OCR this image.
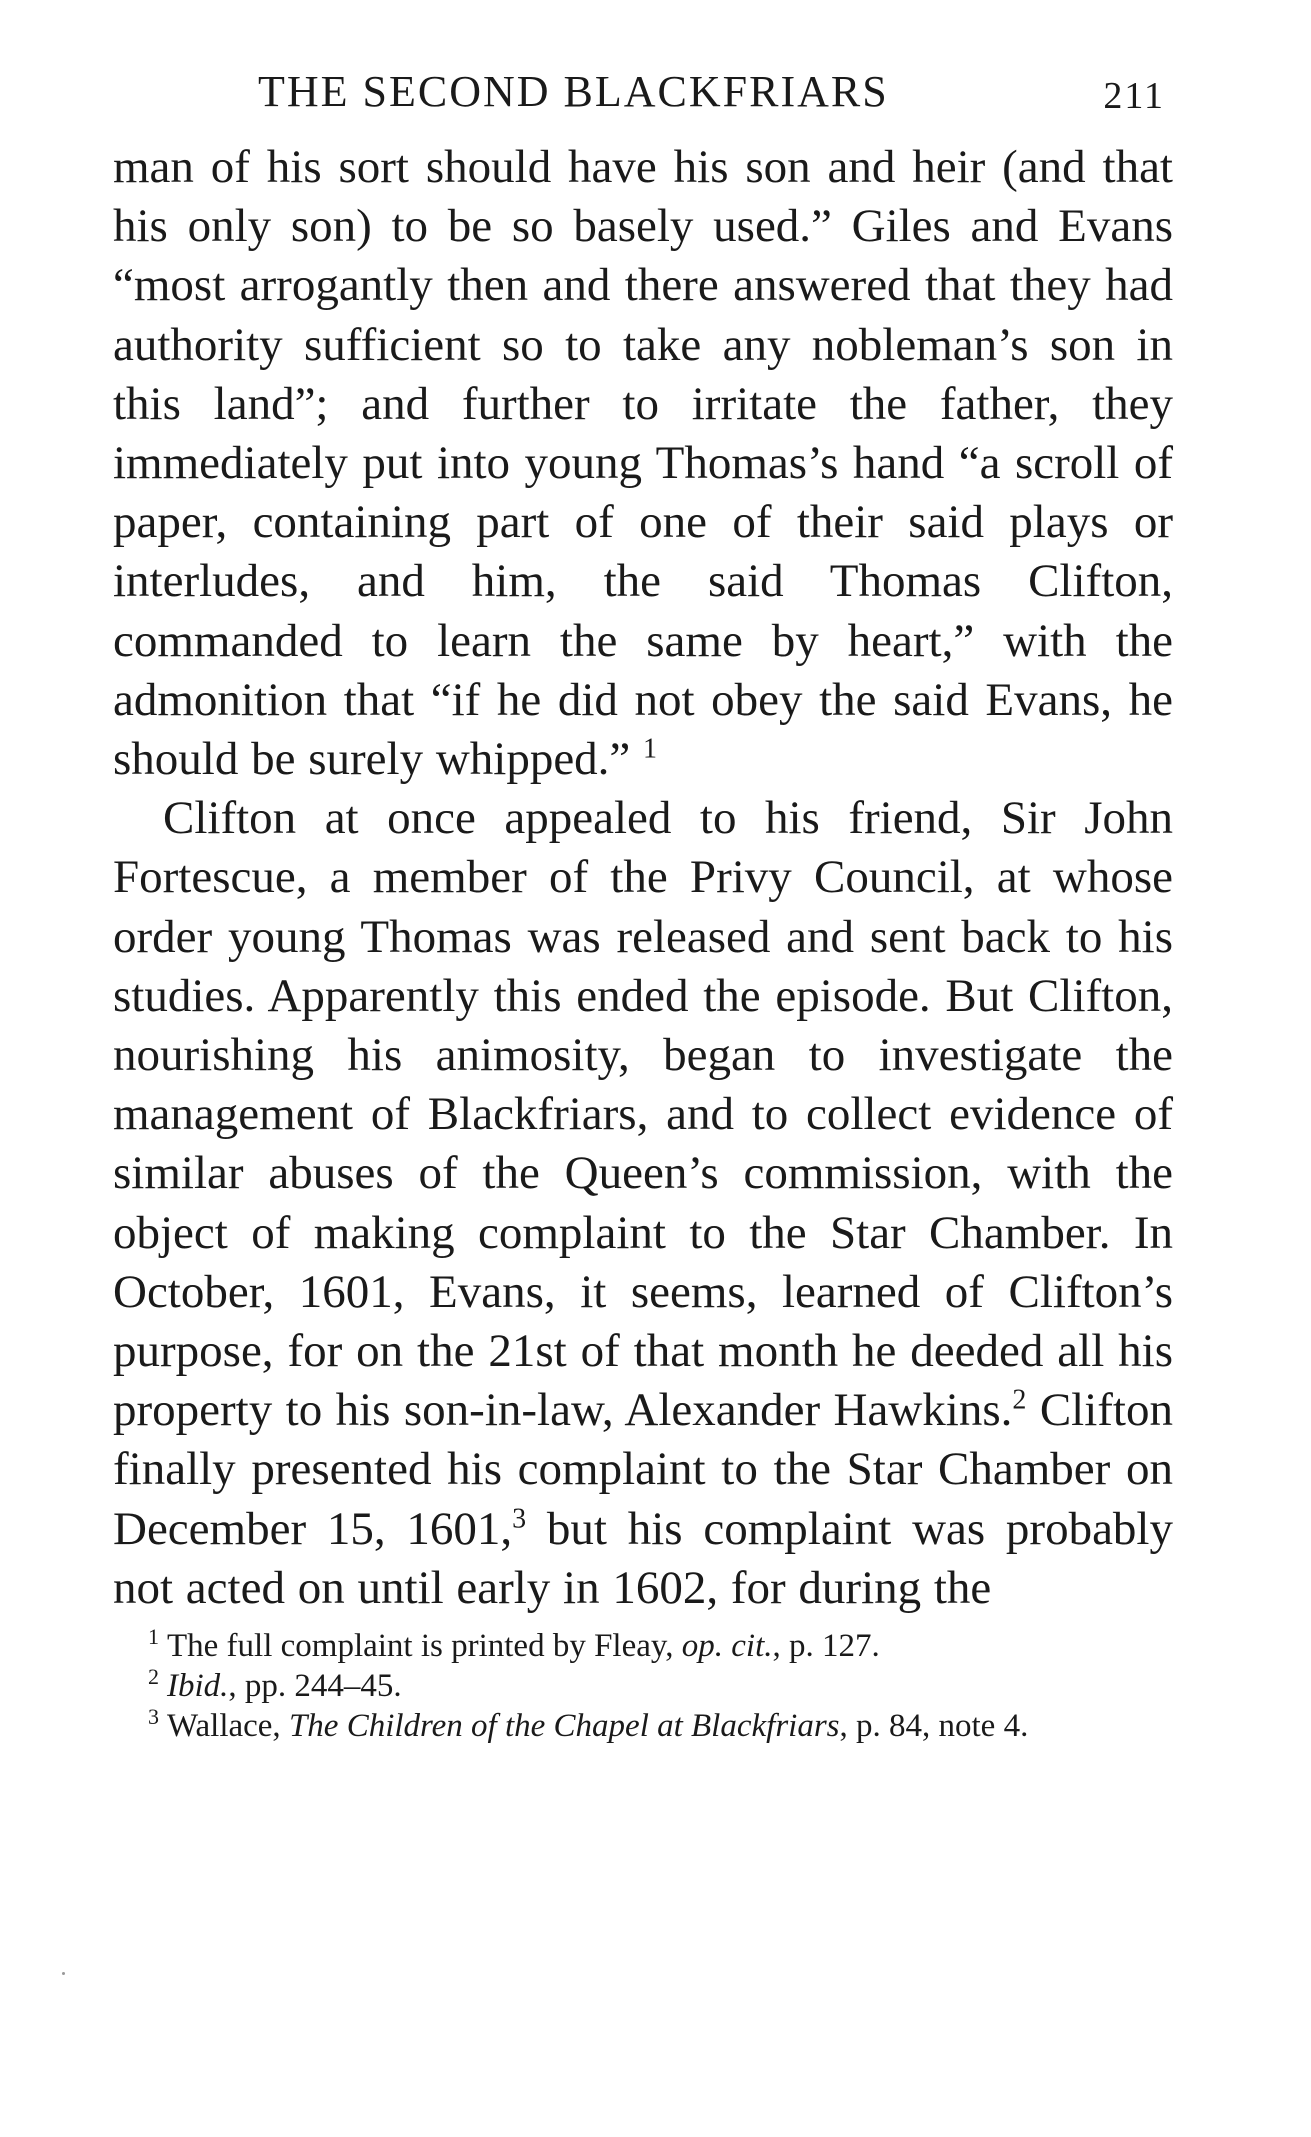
THE SECOND BLACKFRIARS	211

man of his sort should have his son and heir (and that his only son) to be so basely used.” Giles and Evans “most arrogantly then and there answered that they had authority sufficient so to take any nobleman’s son in this land”; and further to irritate the father, they immediately put into young Thomas’s hand “a scroll of paper, containing part of one of their said plays or interludes, and him, the said Thomas Clifton, commanded to learn the same by heart,” with the admonition that “if he did not obey the said Evans, he should be surely whipped.” $^1$

Clifton at once appealed to his friend, Sir John Fortescue, a member of the Privy Council, at whose order young Thomas was released and sent back to his studies. Apparently this ended the episode. But Clifton, nourishing his animosity, began to investigate the management of Blackfriars, and to collect evidence of similar abuses of the Queen’s commission, with the object of making complaint to the Star Chamber. In October, 1601, Evans, it seems, learned of Clifton’s purpose, for on the 21st of that month he deeded all his property to his son-in-law, Alexander Hawkins.$^2$ Clifton finally presented his complaint to the Star Chamber on December 15, 1601,$^3$ but his complaint was probably not acted on until early in 1602, for during the

$^1$ The full complaint is printed by Fleay, op. cit., p. 127.

$^2$ Ibid., pp. 244–45.

$^3$ Wallace, The Children of the Chapel at Blackfriars, p. 84, note 4.
